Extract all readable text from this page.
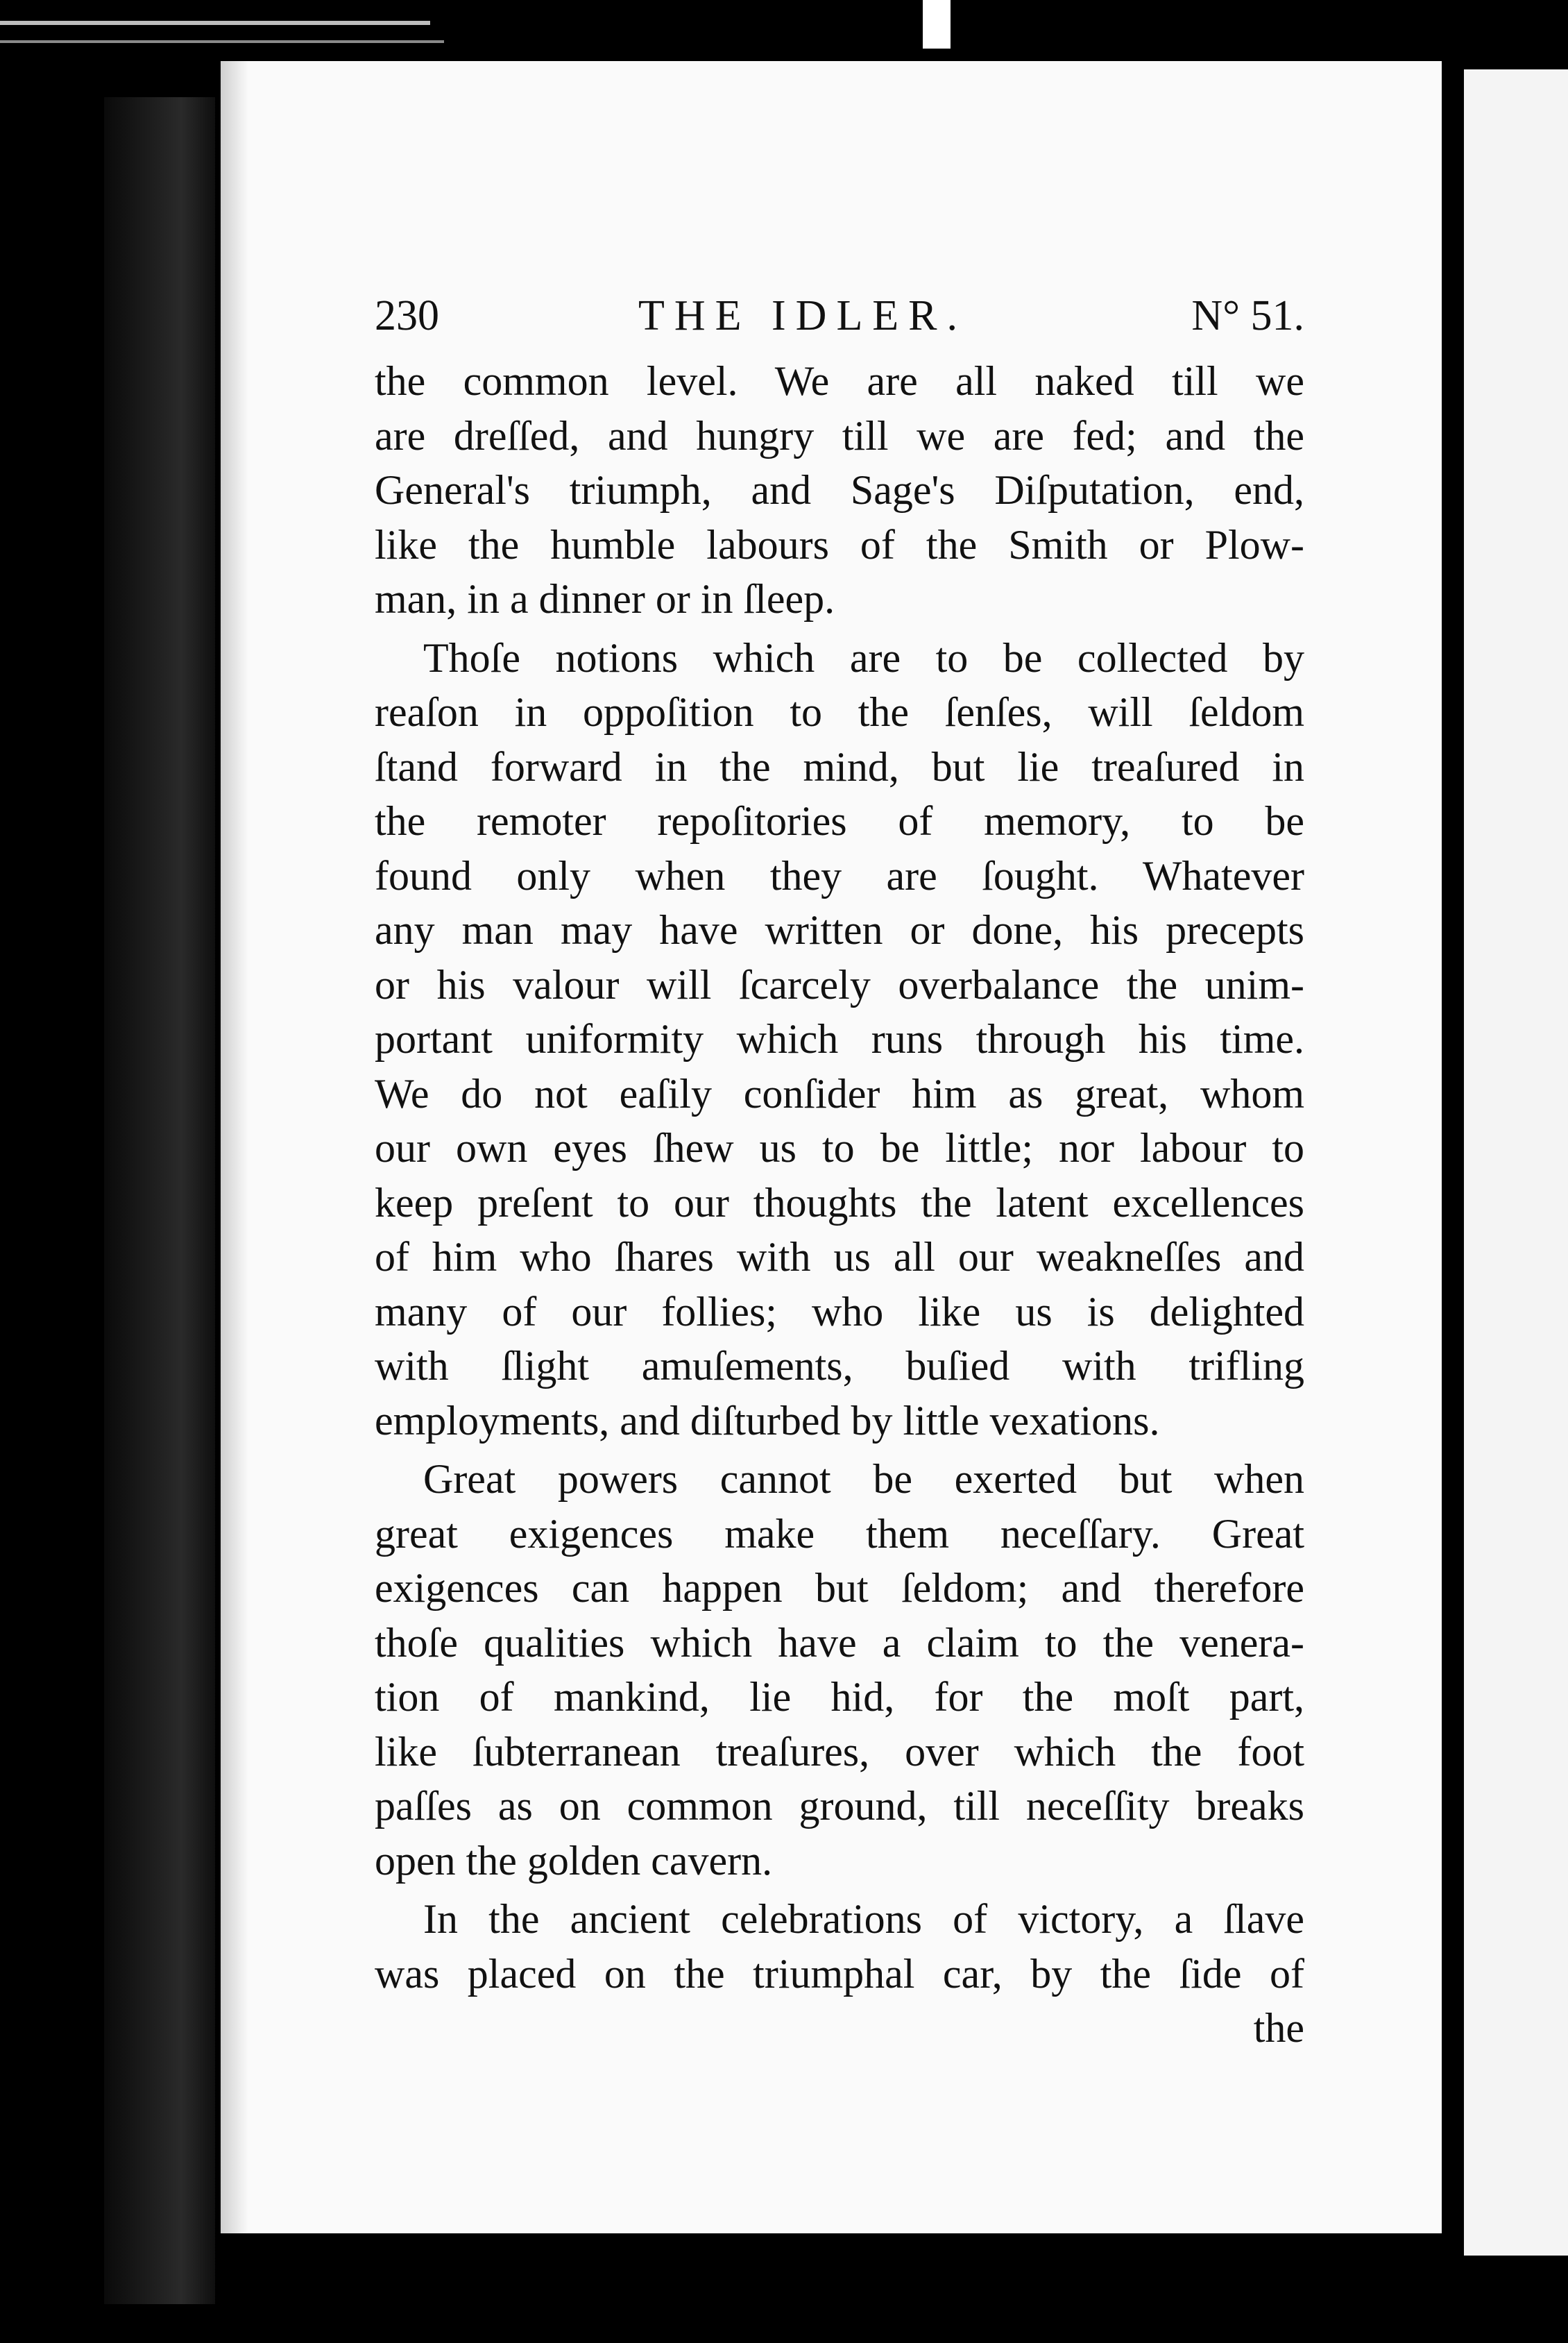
230	THE IDLER.	N° 51.
the common level. We are all naked till we
are dreſſed, and hungry till we are fed; and the
General's triumph, and Sage's Diſputation, end,
like the humble labours of the Smith or Plow-
man, in a dinner or in ſleep.
Thoſe notions which are to be collected by
reaſon in oppoſition to the ſenſes, will ſeldom
ſtand forward in the mind, but lie treaſured in
the remoter repoſitories of memory, to be
found only when they are ſought. Whatever
any man may have written or done, his precepts
or his valour will ſcarcely overbalance the unim-
portant uniformity which runs through his time.
We do not eaſily conſider him as great, whom
our own eyes ſhew us to be little; nor labour to
keep preſent to our thoughts the latent excellences
of him who ſhares with us all our weakneſſes and
many of our follies; who like us is delighted
with ſlight amuſements, buſied with trifling
employments, and diſturbed by little vexations.
Great powers cannot be exerted but when
great exigences make them neceſſary. Great
exigences can happen but ſeldom; and therefore
thoſe qualities which have a claim to the venera-
tion of mankind, lie hid, for the moſt part,
like ſubterranean treaſures, over which the foot
paſſes as on common ground, till neceſſity breaks
open the golden cavern.
In the ancient celebrations of victory, a ſlave
was placed on the triumphal car, by the ſide of
the
